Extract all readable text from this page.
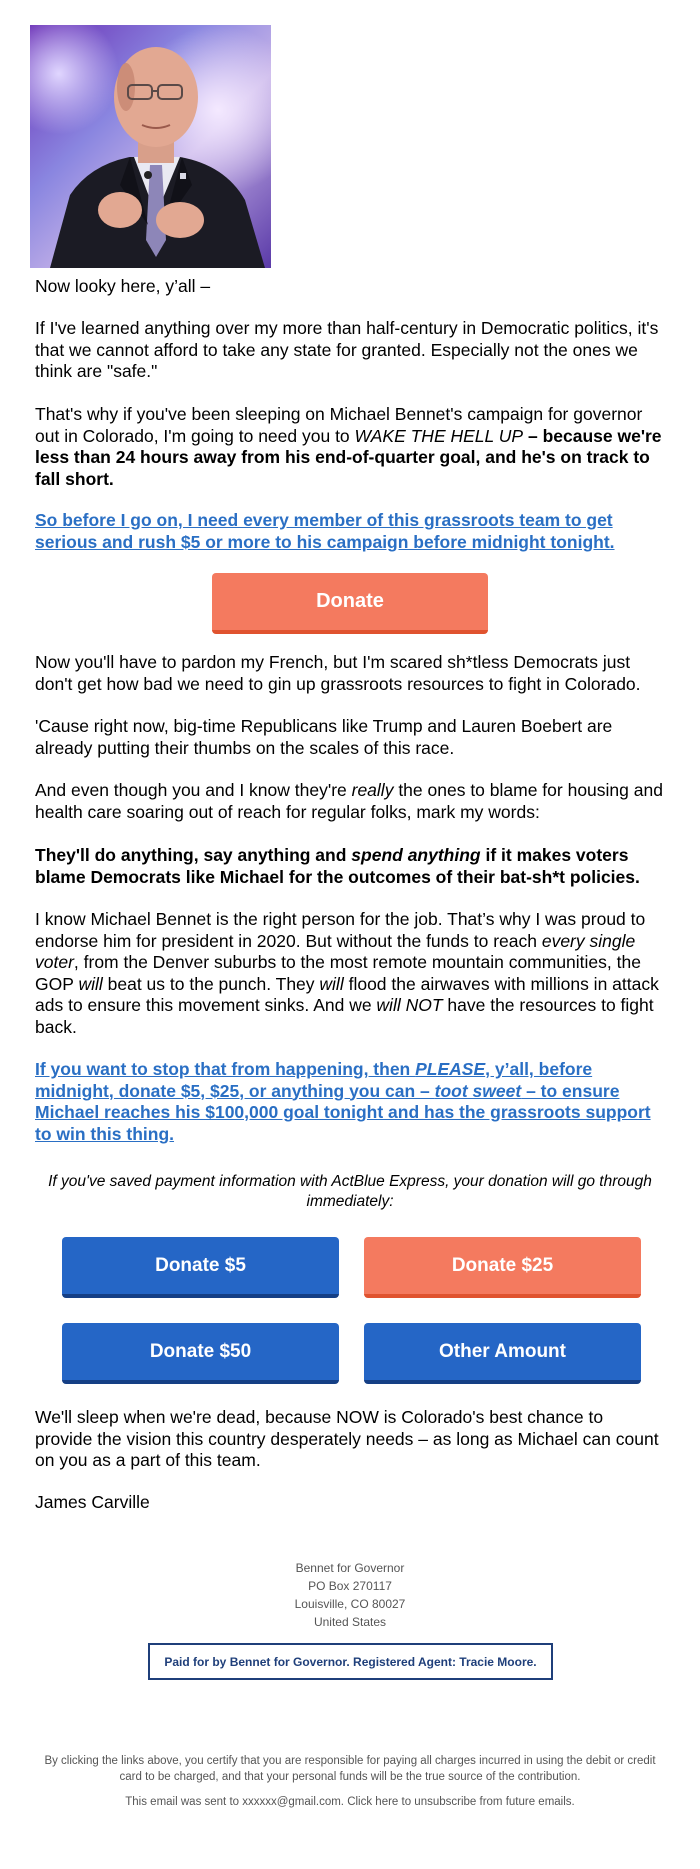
Now looky here, y’all –

If I've learned anything over my more than half-century in Democratic politics, it's that we cannot afford to take any state for granted. Especially not the ones we think are "safe."

That's why if you've been sleeping on Michael Bennet's campaign for governor out in Colorado, I'm going to need you to WAKE THE HELL UP – because we're less than 24 hours away from his end-of-quarter goal, and he's on track to fall short.

So before I go on, I need every member of this grassroots team to get serious and rush $5 or more to his campaign before midnight tonight.

Donate

Now you'll have to pardon my French, but I'm scared sh*tless Democrats just don't get how bad we need to gin up grassroots resources to fight in Colorado.

'Cause right now, big-time Republicans like Trump and Lauren Boebert are already putting their thumbs on the scales of this race.

And even though you and I know they're really the ones to blame for housing and health care soaring out of reach for regular folks, mark my words:

They'll do anything, say anything and spend anything if it makes voters blame Democrats like Michael for the outcomes of their bat-sh*t policies.

I know Michael Bennet is the right person for the job. That’s why I was proud to endorse him for president in 2020. But without the funds to reach every single voter, from the Denver suburbs to the most remote mountain communities, the GOP will beat us to the punch. They will flood the airwaves with millions in attack ads to ensure this movement sinks. And we will NOT have the resources to fight back.

If you want to stop that from happening, then PLEASE, y’all, before midnight, donate $5, $25, or anything you can – toot sweet – to ensure Michael reaches his $100,000 goal tonight and has the grassroots support to win this thing.

If you've saved payment information with ActBlue Express, your donation will go through immediately:
Donate $5	Donate $25
Donate $50	Other Amount

We'll sleep when we're dead, because NOW is Colorado's best chance to provide the vision this country desperately needs – as long as Michael can count on you as a part of this team.

James Carville

Bennet for Governor
PO Box 270117
Louisville, CO 80027
United States
Paid for by Bennet for Governor. Registered Agent: Tracie Moore.
By clicking the links above, you certify that you are responsible for paying all charges incurred in using the debit or credit card to be charged, and that your personal funds will be the true source of the contribution.
This email was sent to xxxxxx@gmail.com. Click here to unsubscribe from future emails.
